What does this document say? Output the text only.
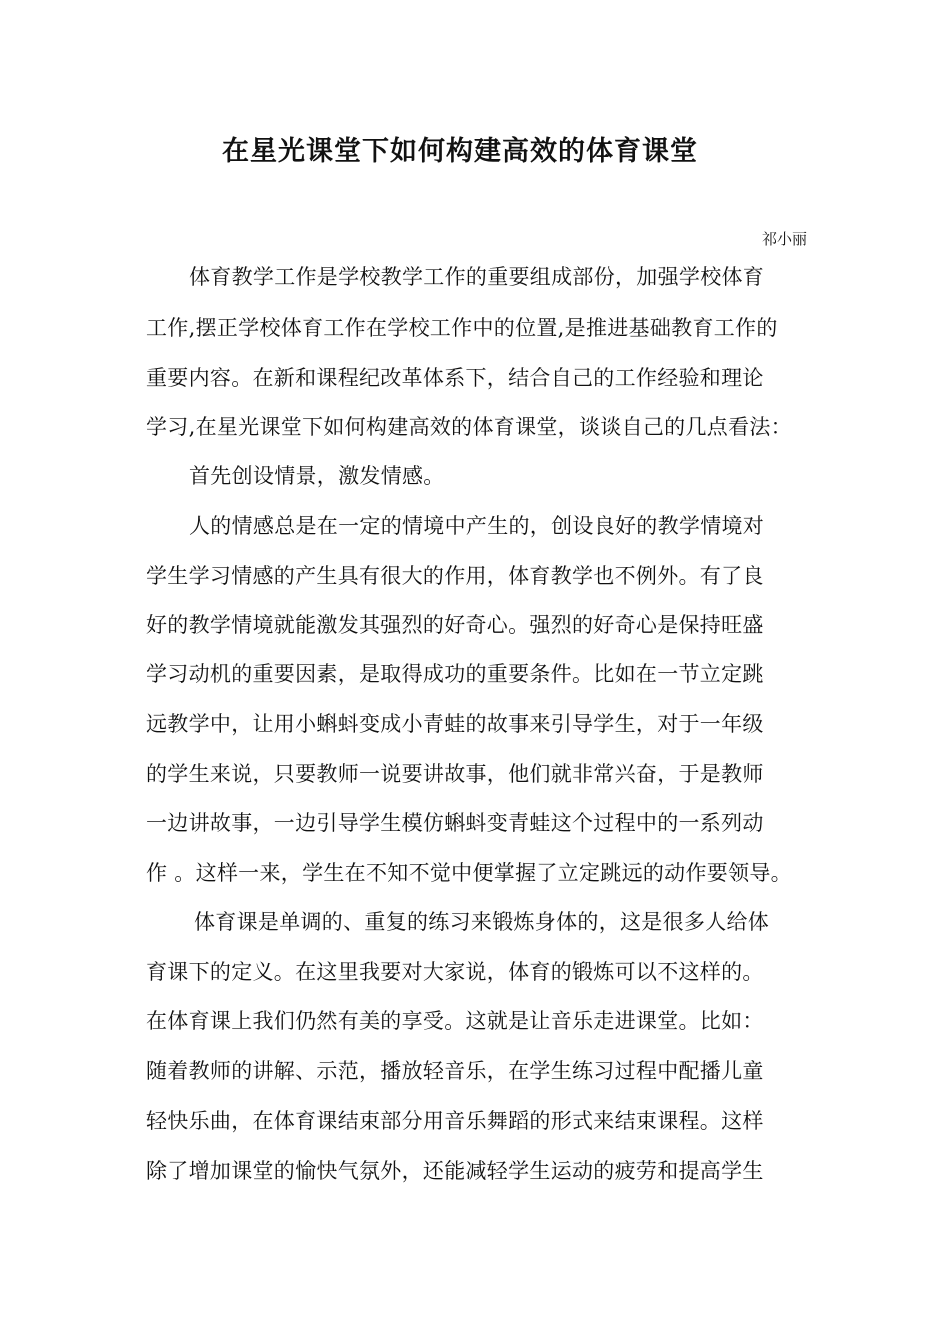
在星光课堂下如何构建高效的体育课堂
祁小丽
体育教学工作是学校教学工作的重要组成部份，加强学校体育
工作,摆正学校体育工作在学校工作中的位置,是推进基础教育工作的
重要内容。在新和课程纪改革体系下，结合自己的工作经验和理论
学习,在星光课堂下如何构建高效的体育课堂，谈谈自己的几点看法：
首先创设情景，激发情感。
人的情感总是在一定的情境中产生的，创设良好的教学情境对
学生学习情感的产生具有很大的作用，体育教学也不例外。有了良
好的教学情境就能激发其强烈的好奇心。强烈的好奇心是保持旺盛
学习动机的重要因素，是取得成功的重要条件。比如在一节立定跳
远教学中，让用小蝌蚪变成小青蛙的故事来引导学生，对于一年级
的学生来说，只要教师一说要讲故事，他们就非常兴奋，于是教师
一边讲故事，一边引导学生模仿蝌蚪变青蛙这个过程中的一系列动
作 。这样一来，学生在不知不觉中便掌握了立定跳远的动作要领导。
体育课是单调的、重复的练习来锻炼身体的，这是很多人给体
育课下的定义。在这里我要对大家说，体育的锻炼可以不这样的。
在体育课上我们仍然有美的享受。这就是让音乐走进课堂。比如：
随着教师的讲解、示范，播放轻音乐，在学生练习过程中配播儿童
轻快乐曲，在体育课结束部分用音乐舞蹈的形式来结束课程。这样
除了增加课堂的愉快气氛外，还能减轻学生运动的疲劳和提高学生
